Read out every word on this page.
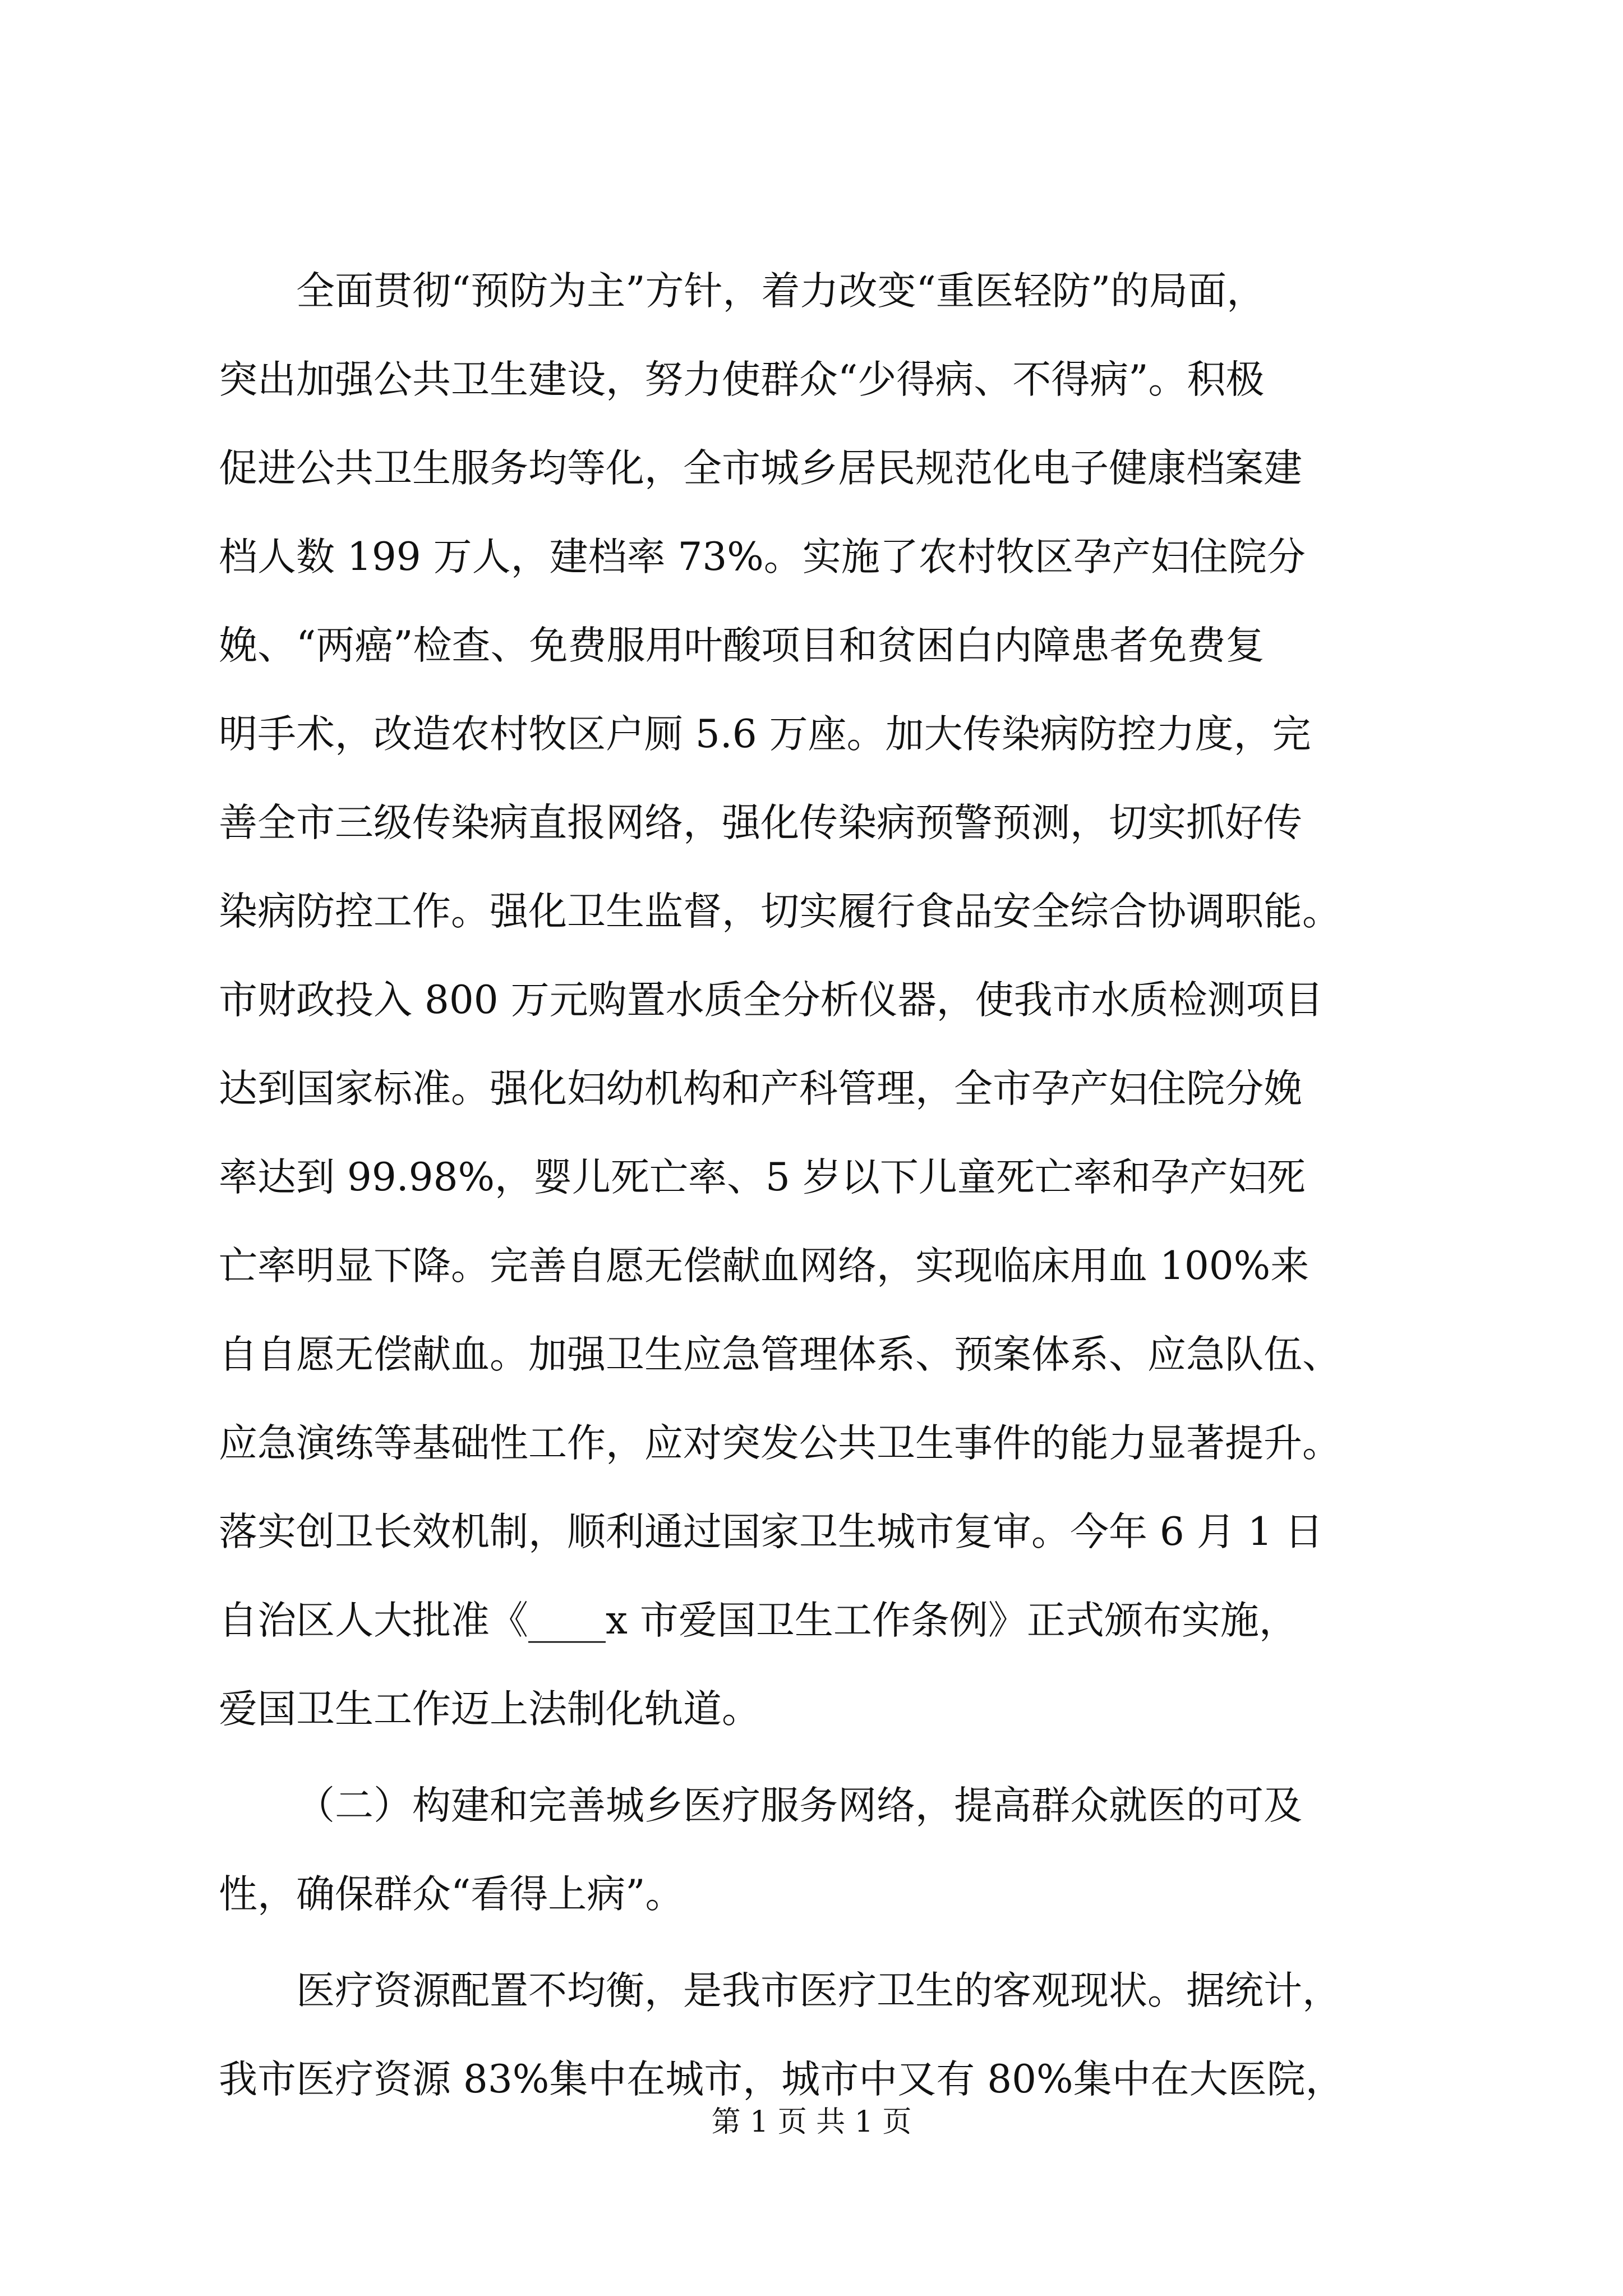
全面贯彻“预防为主”方针，着力改变“重医轻防”的局面，
突出加强公共卫生建设，努力使群众“少得病、不得病”。积极
促进公共卫生服务均等化，全市城乡居民规范化电子健康档案建
档人数 199 万人，建档率 73%。实施了农村牧区孕产妇住院分
娩、“两癌”检查、免费服用叶酸项目和贫困白内障患者免费复
明手术，改造农村牧区户厕 5.6 万座。加大传染病防控力度，完
善全市三级传染病直报网络，强化传染病预警预测，切实抓好传
染病防控工作。强化卫生监督，切实履行食品安全综合协调职能。
市财政投入 800 万元购置水质全分析仪器，使我市水质检测项目
达到国家标准。强化妇幼机构和产科管理，全市孕产妇住院分娩
率达到 99.98%，婴儿死亡率、5 岁以下儿童死亡率和孕产妇死
亡率明显下降。完善自愿无偿献血网络，实现临床用血 100%来
自自愿无偿献血。加强卫生应急管理体系、预案体系、应急队伍、
应急演练等基础性工作，应对突发公共卫生事件的能力显著提升。
落实创卫长效机制，顺利通过国家卫生城市复审。今年 6 月 1 日
自治区人大批准《____x 市爱国卫生工作条例》正式颁布实施，
爱国卫生工作迈上法制化轨道。

（二）构建和完善城乡医疗服务网络，提高群众就医的可及
性，确保群众“看得上病”。

医疗资源配置不均衡，是我市医疗卫生的客观现状。据统计，
我市医疗资源 83%集中在城市，城市中又有 80%集中在大医院，

第 1 页 共 1 页
